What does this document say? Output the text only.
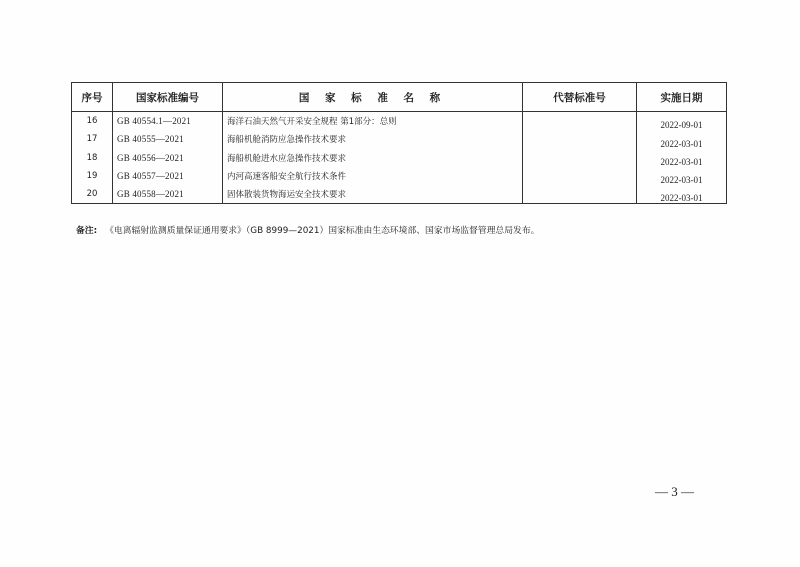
序号	国家标准编号	国 家 标 准 名 称	代替标准号	实施日期
16	GB 40554.1—2021	海洋石油天然气开采安全规程 第1部分：总则		2022-09-01
17	GB 40555—2021	海船机舱消防应急操作技术要求		2022-03-01
18	GB 40556—2021	海船机舱进水应急操作技术要求		2022-03-01
19	GB 40557—2021	内河高速客船安全航行技术条件		2022-03-01
20	GB 40558—2021	固体散装货物海运安全技术要求		2022-03-01
备注: 《电离辐射监测质量保证通用要求》（GB 8999—2021）国家标准由生态环境部、国家市场监督管理总局发布。
— 3 —
